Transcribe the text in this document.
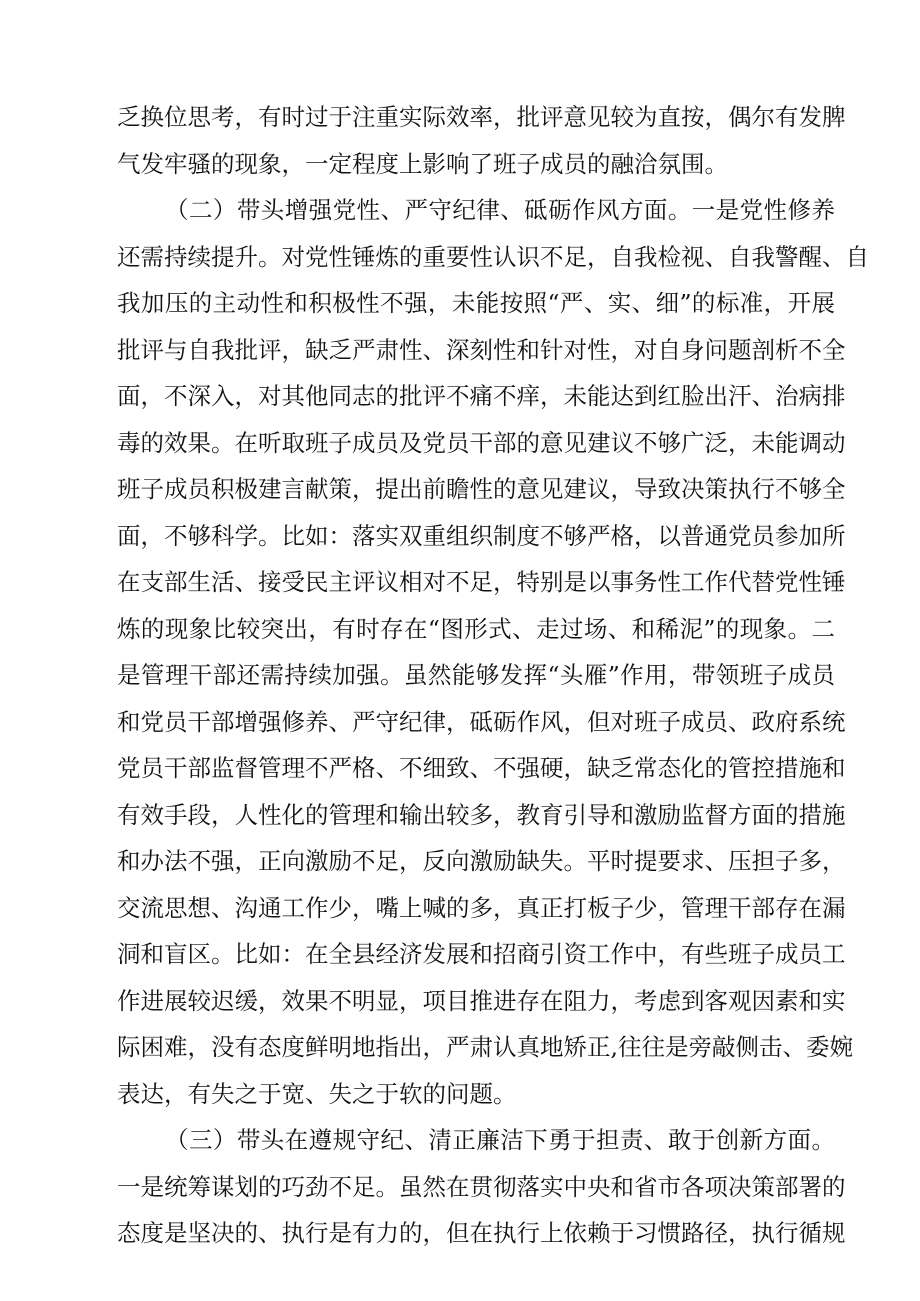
乏换位思考，有时过于注重实际效率，批评意见较为直按，偶尔有发脾
气发牢骚的现象，一定程度上影响了班子成员的融洽氛围。
（二）带头增强党性、严守纪律、砥砺作风方面。一是党性修养
还需持续提升。对党性锤炼的重要性认识不足，自我检视、自我警醒、自
我加压的主动性和积极性不强，未能按照“严、实、细”的标准，开展
批评与自我批评，缺乏严肃性、深刻性和针对性，对自身问题剖析不全
面，不深入，对其他同志的批评不痛不痒，未能达到红脸出汗、治病排
毒的效果。在听取班子成员及党员干部的意见建议不够广泛，未能调动
班子成员积极建言献策，提出前瞻性的意见建议，导致决策执行不够全
面，不够科学。比如：落实双重组织制度不够严格，以普通党员参加所
在支部生活、接受民主评议相对不足，特别是以事务性工作代替党性锤
炼的现象比较突出，有时存在“图形式、走过场、和稀泥”的现象。二
是管理干部还需持续加强。虽然能够发挥“头雁”作用，带领班子成员
和党员干部增强修养、严守纪律，砥砺作风，但对班子成员、政府系统
党员干部监督管理不严格、不细致、不强硬，缺乏常态化的管控措施和
有效手段，人性化的管理和输出较多，教育引导和激励监督方面的措施
和办法不强，正向激励不足，反向激励缺失。平时提要求、压担子多，
交流思想、沟通工作少，嘴上喊的多，真正打板子少，管理干部存在漏
洞和盲区。比如：在全县经济发展和招商引资工作中，有些班子成员工
作进展较迟缓，效果不明显，项目推进存在阻力，考虑到客观因素和实
际困难，没有态度鲜明地指出，严肃认真地矫正,往往是旁敲侧击、委婉
表达，有失之于宽、失之于软的问题。
（三）带头在遵规守纪、清正廉洁下勇于担责、敢于创新方面。
一是统筹谋划的巧劲不足。虽然在贯彻落实中央和省市各项决策部署的
态度是坚决的、执行是有力的，但在执行上依赖于习惯路径，执行循规
